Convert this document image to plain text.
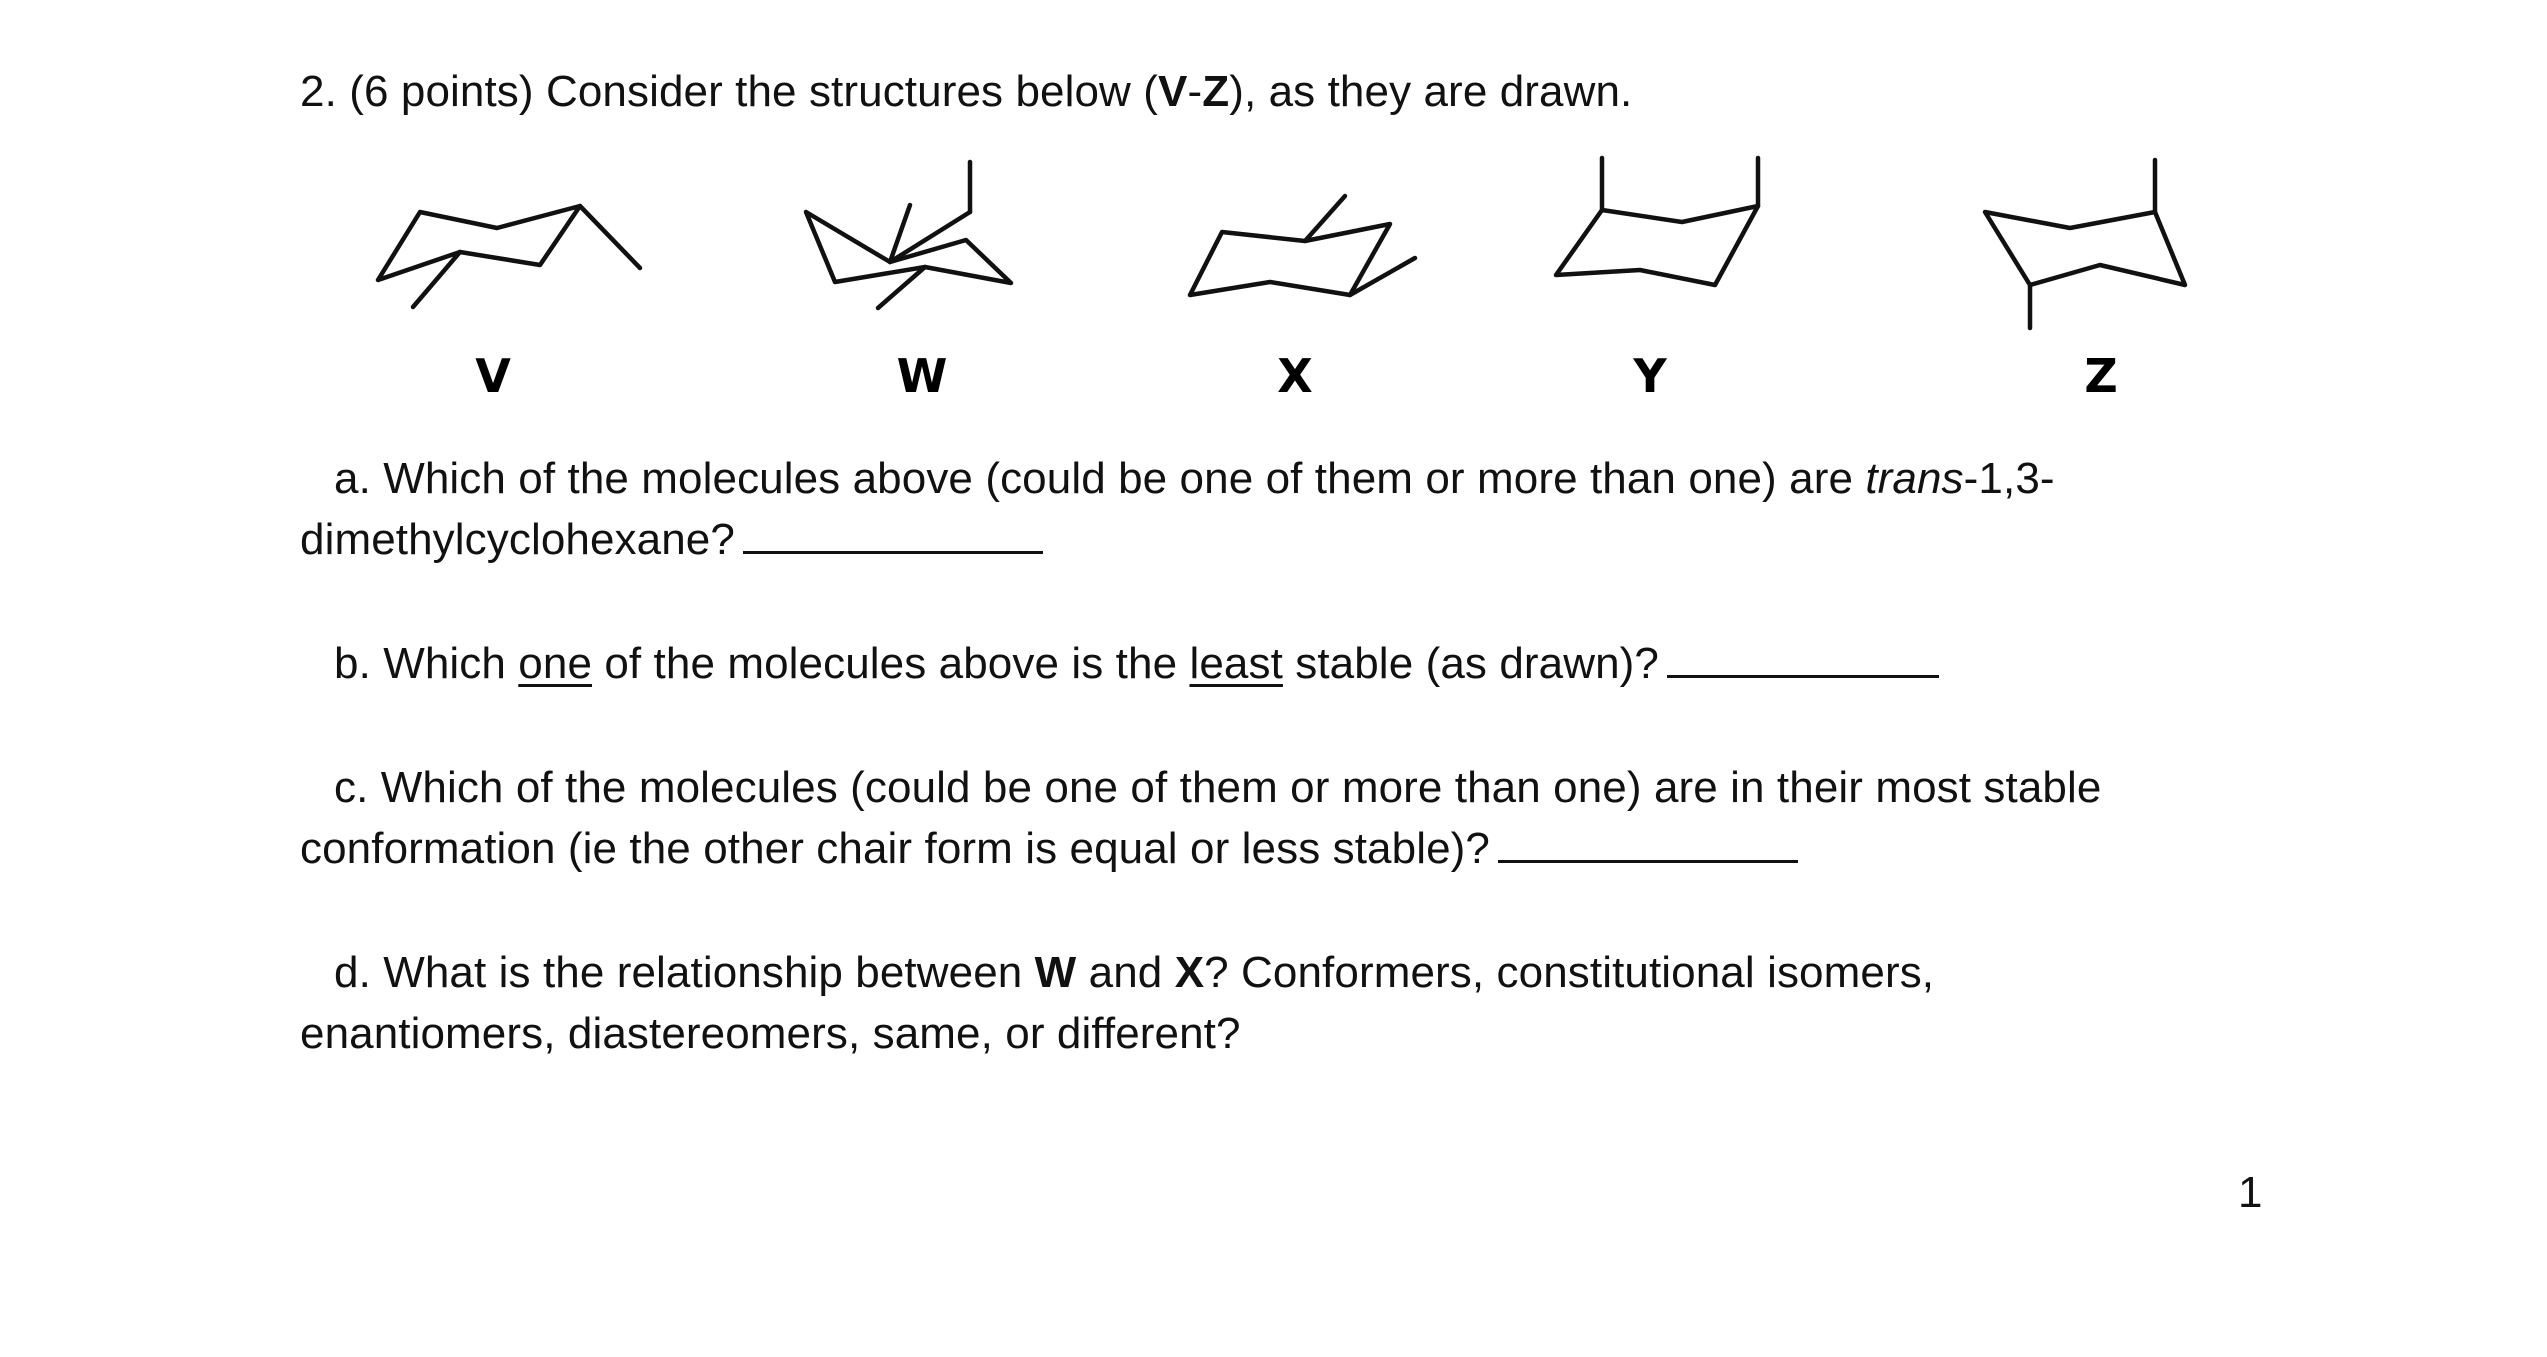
2. (6 points) Consider the structures below (V-Z), as they are drawn.
V	W	X	Y	Z
a. Which of the molecules above (could be one of them or more than one) are trans-1,3-
dimethylcyclohexane?
b. Which one of the molecules above is the least stable (as drawn)?
c. Which of the molecules (could be one of them or more than one) are in their most stable
conformation (ie the other chair form is equal or less stable)?
d. What is the relationship between W and X? Conformers, constitutional isomers,
enantiomers, diastereomers, same, or different?
1
